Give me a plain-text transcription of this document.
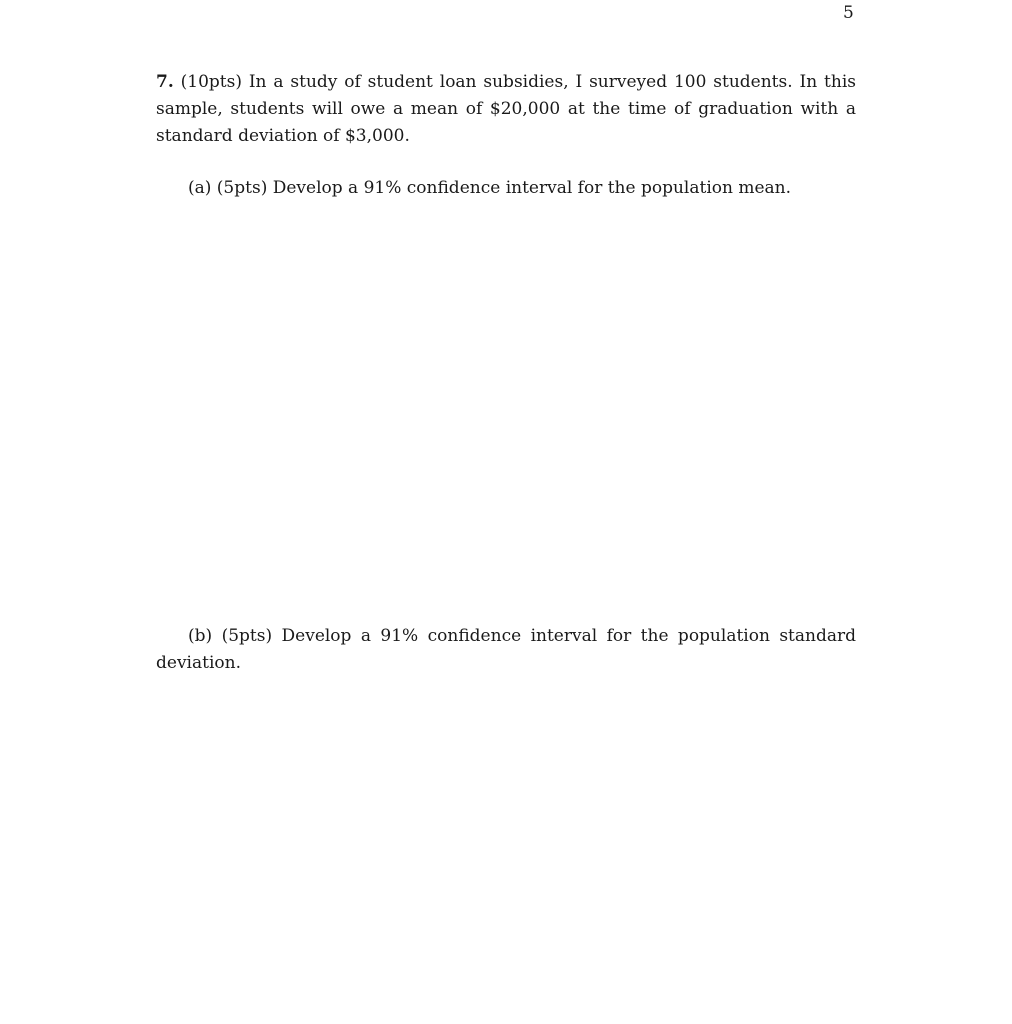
5
7. (10pts) In a study of student loan subsidies, I surveyed 100 students. In this sample, students will owe a mean of $20,000 at the time of graduation with a standard deviation of $3,000.
(a) (5pts) Develop a 91% confidence interval for the population mean.
(b) (5pts) Develop a 91% confidence interval for the population standard deviation.
